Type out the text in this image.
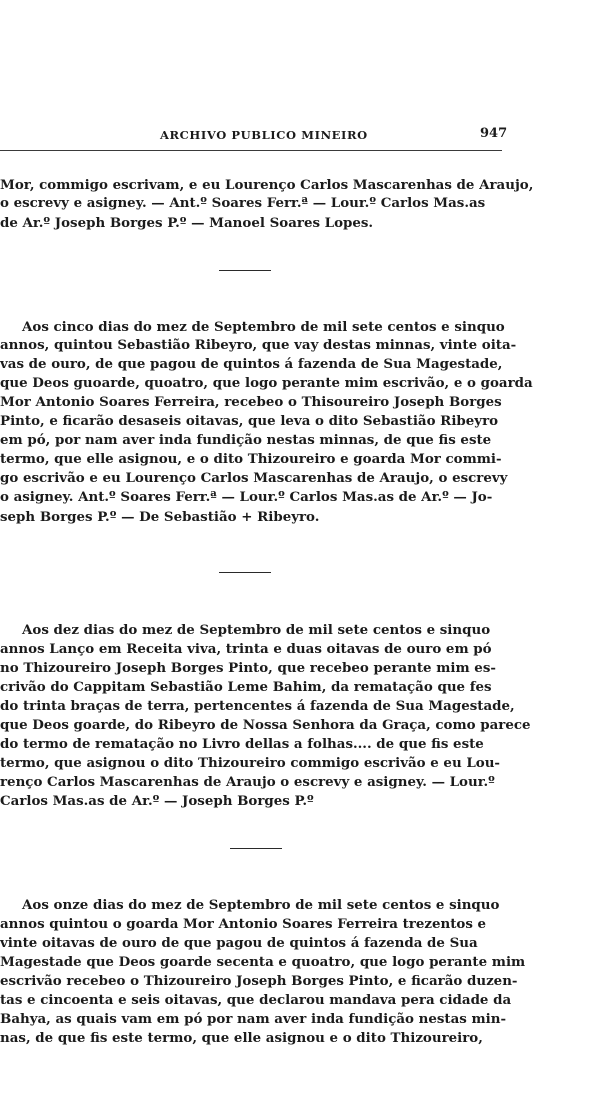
ARCHIVO PUBLICO MINEIRO	947
Mor, commigo escrivam, e eu Lourenço Carlos Mascarenhas de Araujo,
o escrevy e asigney. — Ant.º Soares Ferr.ª — Lour.º Carlos Mas.as
de Ar.º Joseph Borges P.º — Manoel Soares Lopes.
Aos cinco dias do mez de Septembro de mil sete centos e sinquo
annos, quintou Sebastião Ribeyro, que vay destas minnas, vinte oita-
vas de ouro, de que pagou de quintos á fazenda de Sua Magestade,
que Deos guoarde, quoatro, que logo perante mim escrivão, e o goarda
Mor Antonio Soares Ferreira, recebeo o Thisoureiro Joseph Borges
Pinto, e ficarão desaseis oitavas, que leva o dito Sebastião Ribeyro
em pó, por nam aver inda fundição nestas minnas, de que fis este
termo, que elle asignou, e o dito Thizoureiro e goarda Mor commi-
go escrivão e eu Lourenço Carlos Mascarenhas de Araujo, o escrevy
o asigney. Ant.º Soares Ferr.ª — Lour.º Carlos Mas.as de Ar.º — Jo-
seph Borges P.º — De Sebastião + Ribeyro.
Aos dez dias do mez de Septembro de mil sete centos e sinquo
annos Lanço em Receita viva, trinta e duas oitavas de ouro em pó
no Thizoureiro Joseph Borges Pinto, que recebeo perante mim es-
crivão do Cappitam Sebastião Leme Bahim, da rematação que fes
do trinta braças de terra, pertencentes á fazenda de Sua Magestade,
que Deos goarde, do Ribeyro de Nossa Senhora da Graça, como parece
do termo de rematação no Livro dellas a folhas.... de que fis este
termo, que asignou o dito Thizoureiro commigo escrivão e eu Lou-
renço Carlos Mascarenhas de Araujo o escrevy e asigney. — Lour.º
Carlos Mas.as de Ar.º — Joseph Borges P.º
Aos onze dias do mez de Septembro de mil sete centos e sinquo
annos quintou o goarda Mor Antonio Soares Ferreira trezentos e
vinte oitavas de ouro de que pagou de quintos á fazenda de Sua
Magestade que Deos goarde secenta e quoatro, que logo perante mim
escrivão recebeo o Thizoureiro Joseph Borges Pinto, e ficarão duzen-
tas e cincoenta e seis oitavas, que declarou mandava pera cidade da
Bahya, as quais vam em pó por nam aver inda fundição nestas min-
nas, de que fis este termo, que elle asignou e o dito Thizoureiro,
